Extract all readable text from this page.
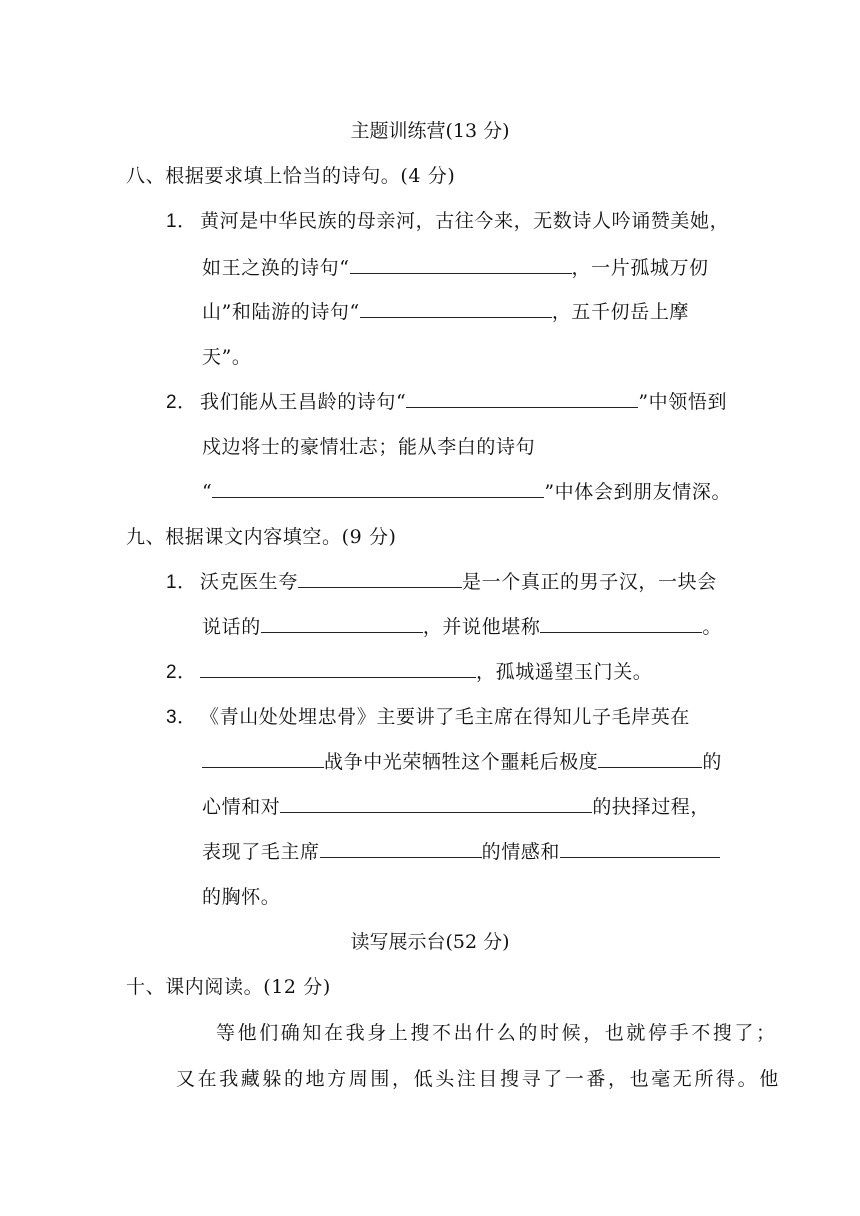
主题训练营(13 分)
八、根据要求填上恰当的诗句。(4 分)
1． 黄河是中华民族的母亲河，古往今来，无数诗人吟诵赞美她，
如王之涣的诗句“	，一片孤城万仞
山”和陆游的诗句“	，五千仞岳上摩
天”。
2． 我们能从王昌龄的诗句“	”中领悟到
戍边将士的豪情壮志；能从李白的诗句
“	”中体会到朋友情深。
九、根据课文内容填空。(9 分)
1． 沃克医生夸	是一个真正的男子汉，一块会
说话的	，并说他堪称	。
2．	，孤城遥望玉门关。
3． 《青山处处埋忠骨》主要讲了毛主席在得知儿子毛岸英在
战争中光荣牺牲这个噩耗后极度	的
心情和对	的抉择过程，
表现了毛主席	的情感和
的胸怀。
读写展示台(52 分)
十、课内阅读。(12 分)
等他们确知在我身上搜不出什么的时候，也就停手不搜了；
又在我藏躲的地方周围，低头注目搜寻了一番，也毫无所得。他
